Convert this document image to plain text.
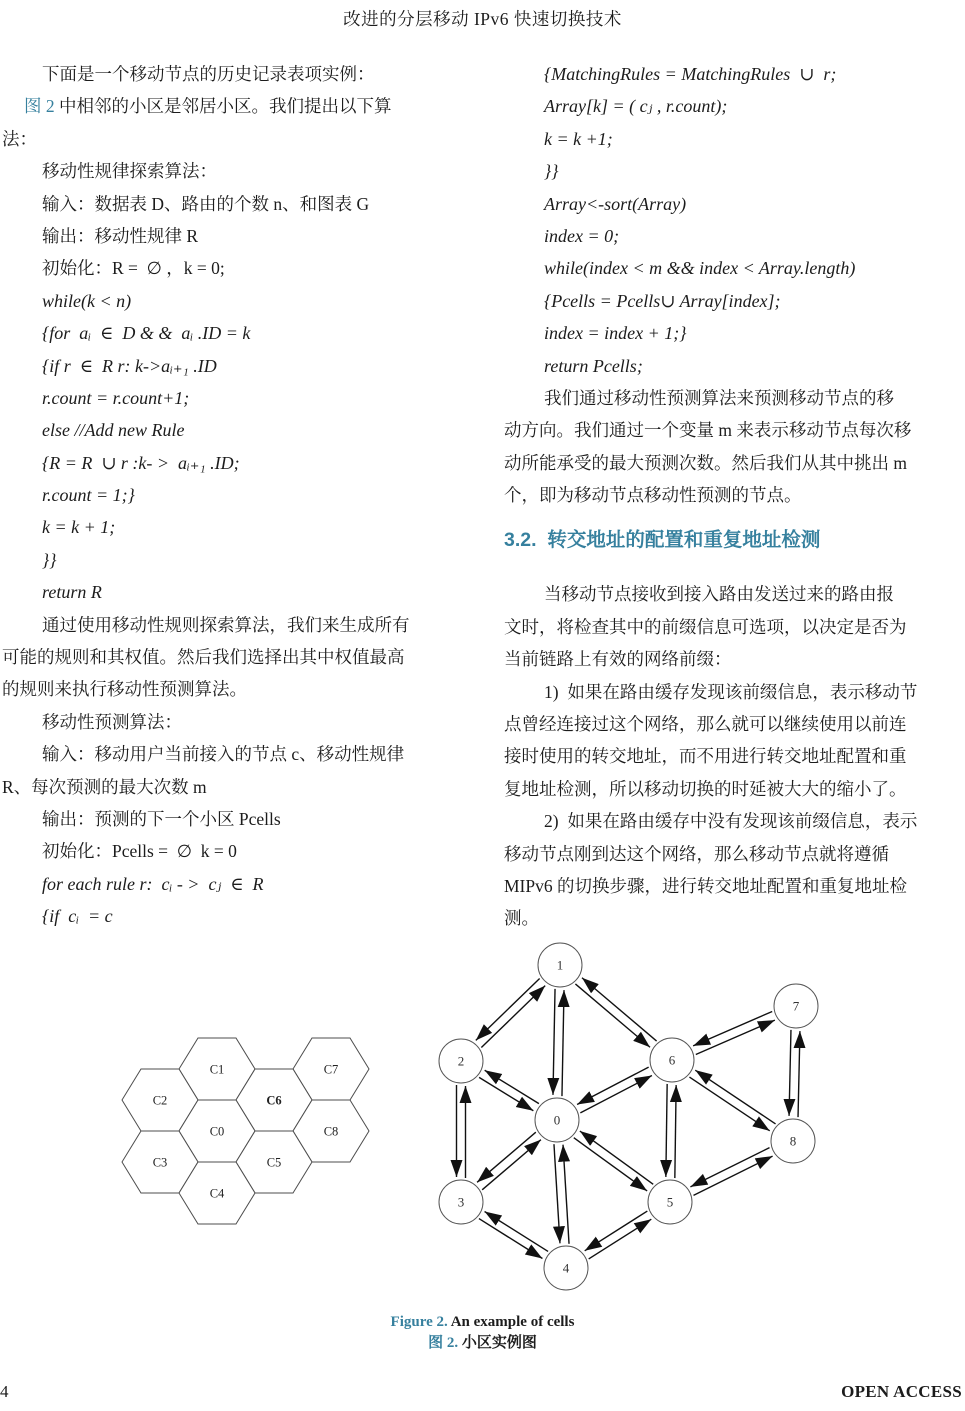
改进的分层移动 IPv6 快速切换技术
下面是一个移动节点的历史记录表项实例：
图 2 中相邻的小区是邻居小区。我们提出以下算
法：
移动性规律探索算法：
输入：数据表 D、路由的个数 n、和图表 G
输出：移动性规律 R
初始化：R =  ∅ ，k = 0;
while(k < n)
{for  aᵢ  ∈  D & &  aᵢ .ID = k
{if r  ∈  R r: k->aᵢ₊₁ .ID
r.count = r.count+1;
else //Add new Rule
{R = R  ∪ r :k- >  aᵢ₊₁ .ID;
r.count = 1;}
k = k + 1;
}}
return R
通过使用移动性规则探索算法，我们来生成所有
可能的规则和其权值。然后我们选择出其中权值最高
的规则来执行移动性预测算法。
移动性预测算法：
输入：移动用户当前接入的节点 c、移动性规律
R、每次预测的最大次数 m
输出：预测的下一个小区 Pcells
初始化：Pcells =  ∅  k = 0
for each rule r:  cᵢ - >  cⱼ  ∈  R
{if  cᵢ  = c
{MatchingRules = MatchingRules  ∪  r;
Array[k] = ( cⱼ , r.count);
k = k +1;
}}
Array<-sort(Array)
index = 0;
while(index < m && index < Array.length)
{Pcells = Pcells∪ Array[index];
index = index + 1;}
return Pcells;
我们通过移动性预测算法来预测移动节点的移
动方向。我们通过一个变量 m 来表示移动节点每次移
动所能承受的最大预测次数。然后我们从其中挑出 m
个，即为移动节点移动性预测的节点。
3.2.  转交地址的配置和重复地址检测
当移动节点接收到接入路由发送过来的路由报
文时，将检查其中的前缀信息可选项，以决定是否为
当前链路上有效的网络前缀：
1)  如果在路由缓存发现该前缀信息，表示移动节
点曾经连接过这个网络，那么就可以继续使用以前连
接时使用的转交地址，而不用进行转交地址配置和重
复地址检测，所以移动切换的时延被大大的缩小了。
2)  如果在路由缓存中没有发现该前缀信息，表示
移动节点刚到达这个网络，那么移动节点就将遵循
MIPv6 的切换步骤，进行转交地址配置和重复地址检
测。
C1	C7
C2	C6
C0	C8
C3	C5
C4
1
7
2	6
0
8
3	5
4
Figure 2. An example of cells
图 2. 小区实例图
4	OPEN ACCESS
